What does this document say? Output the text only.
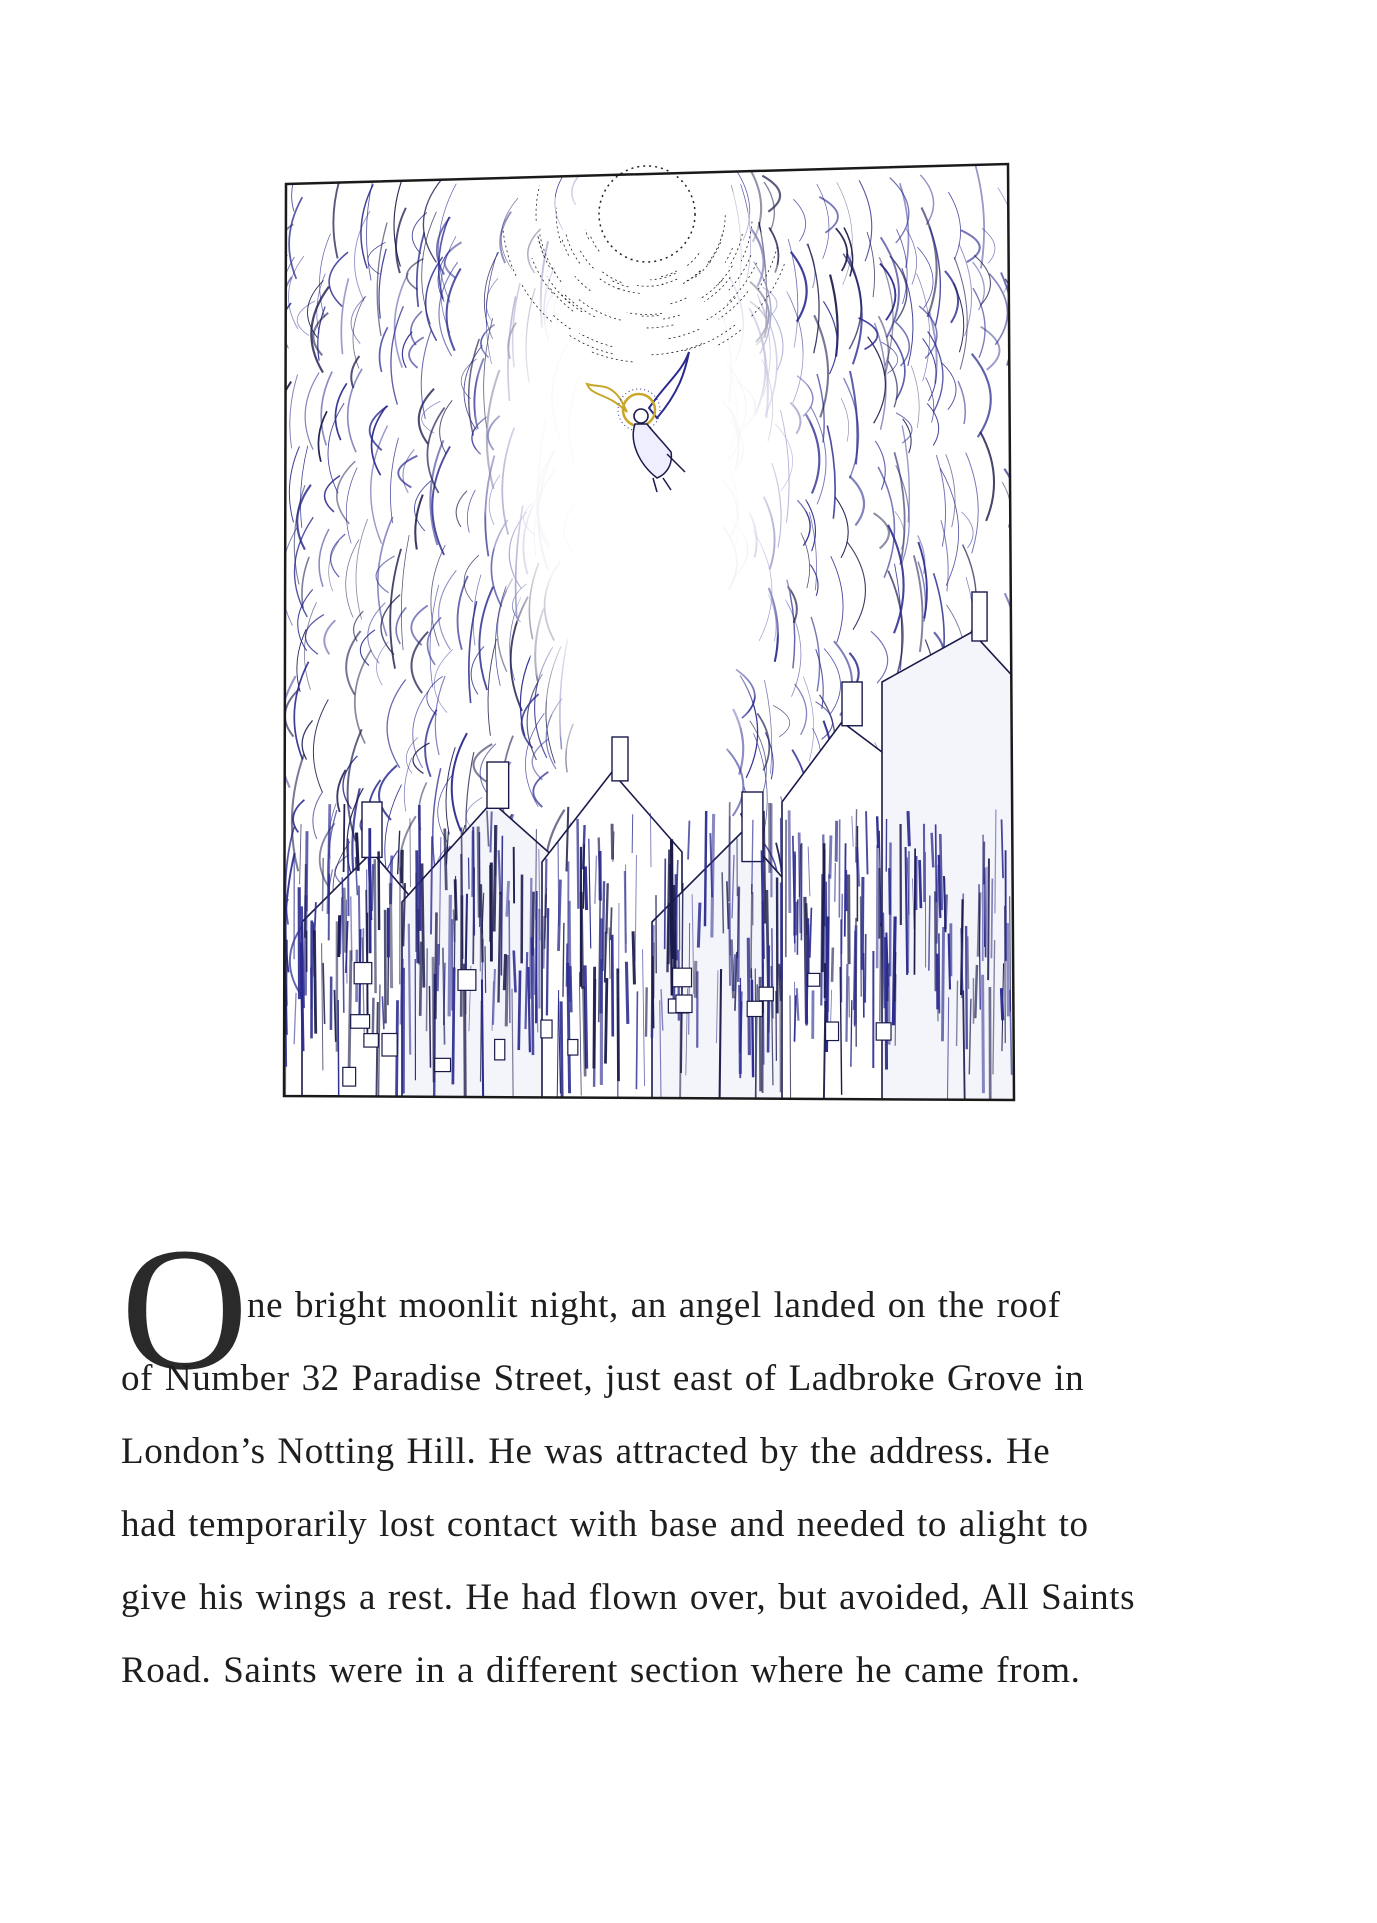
O
ne bright moonlit night, an angel landed on the roof
of Number 32 Paradise Street, just east of Ladbroke Grove in
London’s Notting Hill. He was attracted by the address. He
had temporarily lost contact with base and needed to alight to
give his wings a rest. He had flown over, but avoided, All Saints
Road. Saints were in a different section where he came from.
